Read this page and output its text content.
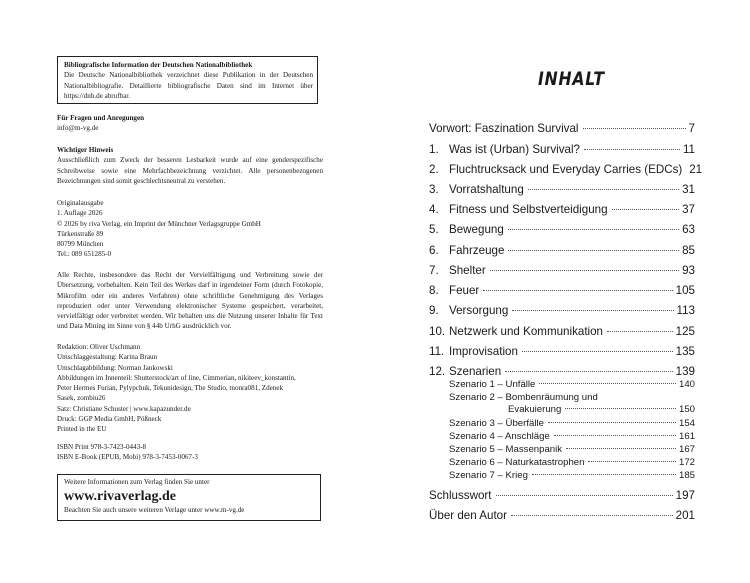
Bibliografische Information der Deutschen Nationalbibliothek
Die Deutsche Nationalbibliothek verzeichnet diese Publikation in der Deutschen Nationalbibliografie. Detaillierte bibliografische Daten sind im Internet über https://dnb.de abrufbar.

Für Fragen und Anregungen

info@m-vg.de

Wichtiger Hinweis

Ausschließlich zum Zweck der besseren Lesbarkeit wurde auf eine genderspezifische Schreibweise sowie eine Mehrfachbezeichnung verzichtet. Alle personenbezogenen Bezeichnungen sind somit geschlechtsneutral zu verstehen.

Originalausgabe

1. Auflage 2026

© 2026 by riva Verlag, ein Imprint der Münchner Verlagsgruppe GmbH

Türkenstraße 89

80799 München

Tel.: 089 651285-0

Alle Rechte, insbesondere das Recht der Vervielfältigung und Verbreitung sowie der Übersetzung, vorbehalten. Kein Teil des Werkes darf in irgendeiner Form (durch Fotokopie, Mikrofilm oder ein anderes Verfahren) ohne schriftliche Genehmigung des Verlages reproduziert oder unter Verwendung elektronischer Systeme gespeichert, verarbeitet, vervielfältigt oder verbreitet werden. Wir behalten uns die Nutzung unserer Inhalte für Text und Data Mining im Sinne von § 44b UrhG ausdrücklich vor.

Redaktion: Oliver Uschmann

Umschlaggestaltung: Karina Braun

Umschlagabbildung: Norman Jankowski

Abbildungen im Innenteil: Shutterstock/art of line, Cimmerian, nikiteev_konstantin,

Peter Hermes Furian, Pylypchuk, Tekunidesign, The Studio, tnonra081, Zdenek

Sasek, zombiu26

Satz: Christiane Schuster | www.kapazunder.de

Druck: GGP Media GmbH, Pößneck

Printed in the EU

ISBN Print 978-3-7423-0443-8

ISBN E-Book (EPUB, Mobi) 978-3-7453-0067-3

Weitere Informationen zum Verlag finden Sie unter
www.rivaverlag.de
Beachten Sie auch unsere weiteren Verlage unter www.m-vg.de
INHALT
Vorwort: Faszination Survival	7
1. Was ist (Urban) Survival?	11
2. Fluchtrucksack und Everyday Carries (EDCs) 21
3. Vorratshaltung	31
4. Fitness und Selbstverteidigung	37
5. Bewegung	63
6. Fahrzeuge	85
7. Shelter	93
8. Feuer	105
9. Versorgung	113
10. Netzwerk und Kommunikation	125
11. Improvisation	135
12. Szenarien	139
Szenario 1 – Unfälle	140
Szenario 2 – Bombenräumung und
Evakuierung	150
Szenario 3 – Überfälle	154
Szenario 4 – Anschläge	161
Szenario 5 – Massenpanik	167
Szenario 6 – Naturkatastrophen	172
Szenario 7 – Krieg	185
Schlusswort	197
Über den Autor	201
